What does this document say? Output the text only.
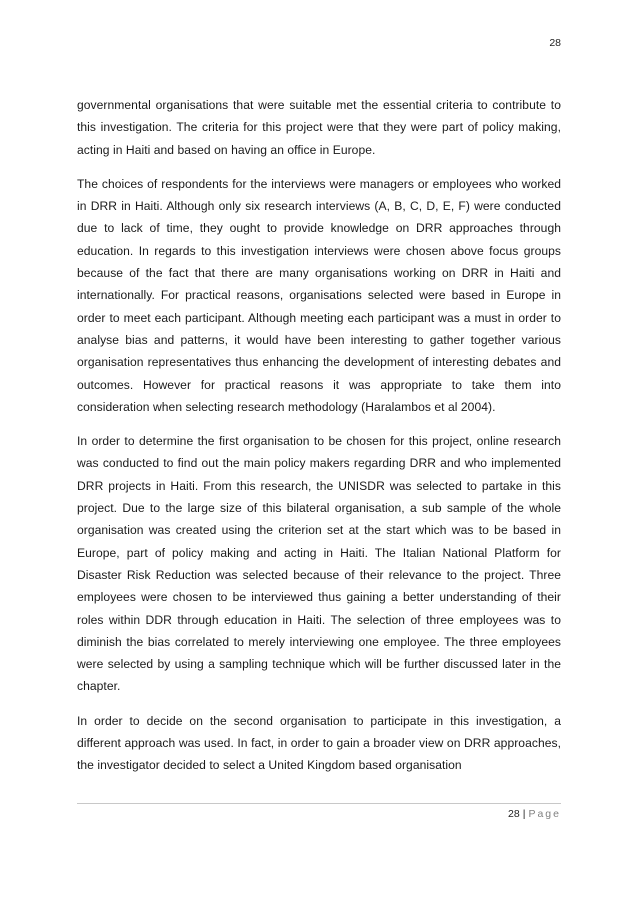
28

governmental organisations that were suitable met the essential criteria to contribute to this investigation. The criteria for this project were that they were part of policy making, acting in Haiti and based on having an office in Europe.

The choices of respondents for the interviews were managers or employees who worked in DRR in Haiti. Although only six research interviews (A, B, C, D, E, F) were conducted due to lack of time, they ought to provide knowledge on DRR approaches through education. In regards to this investigation interviews were chosen above focus groups because of the fact that there are many organisations working on DRR in Haiti and internationally. For practical reasons, organisations selected were based in Europe in order to meet each participant. Although meeting each participant was a must in order to analyse bias and patterns, it would have been interesting to gather together various organisation representatives thus enhancing the development of interesting debates and outcomes. However for practical reasons it was appropriate to take them into consideration when selecting research methodology (Haralambos et al 2004).

In order to determine the first organisation to be chosen for this project, online research was conducted to find out the main policy makers regarding DRR and who implemented DRR projects in Haiti. From this research, the UNISDR was selected to partake in this project. Due to the large size of this bilateral organisation, a sub sample of the whole organisation was created using the criterion set at the start which was to be based in Europe, part of policy making and acting in Haiti. The Italian National Platform for Disaster Risk Reduction was selected because of their relevance to the project. Three employees were chosen to be interviewed thus gaining a better understanding of their roles within DDR through education in Haiti. The selection of three employees was to diminish the bias correlated to merely interviewing one employee. The three employees were selected by using a sampling technique which will be further discussed later in the chapter.

In order to decide on the second organisation to participate in this investigation, a different approach was used. In fact, in order to gain a broader view on DRR approaches, the investigator decided to select a United Kingdom based organisation

28 | Page
